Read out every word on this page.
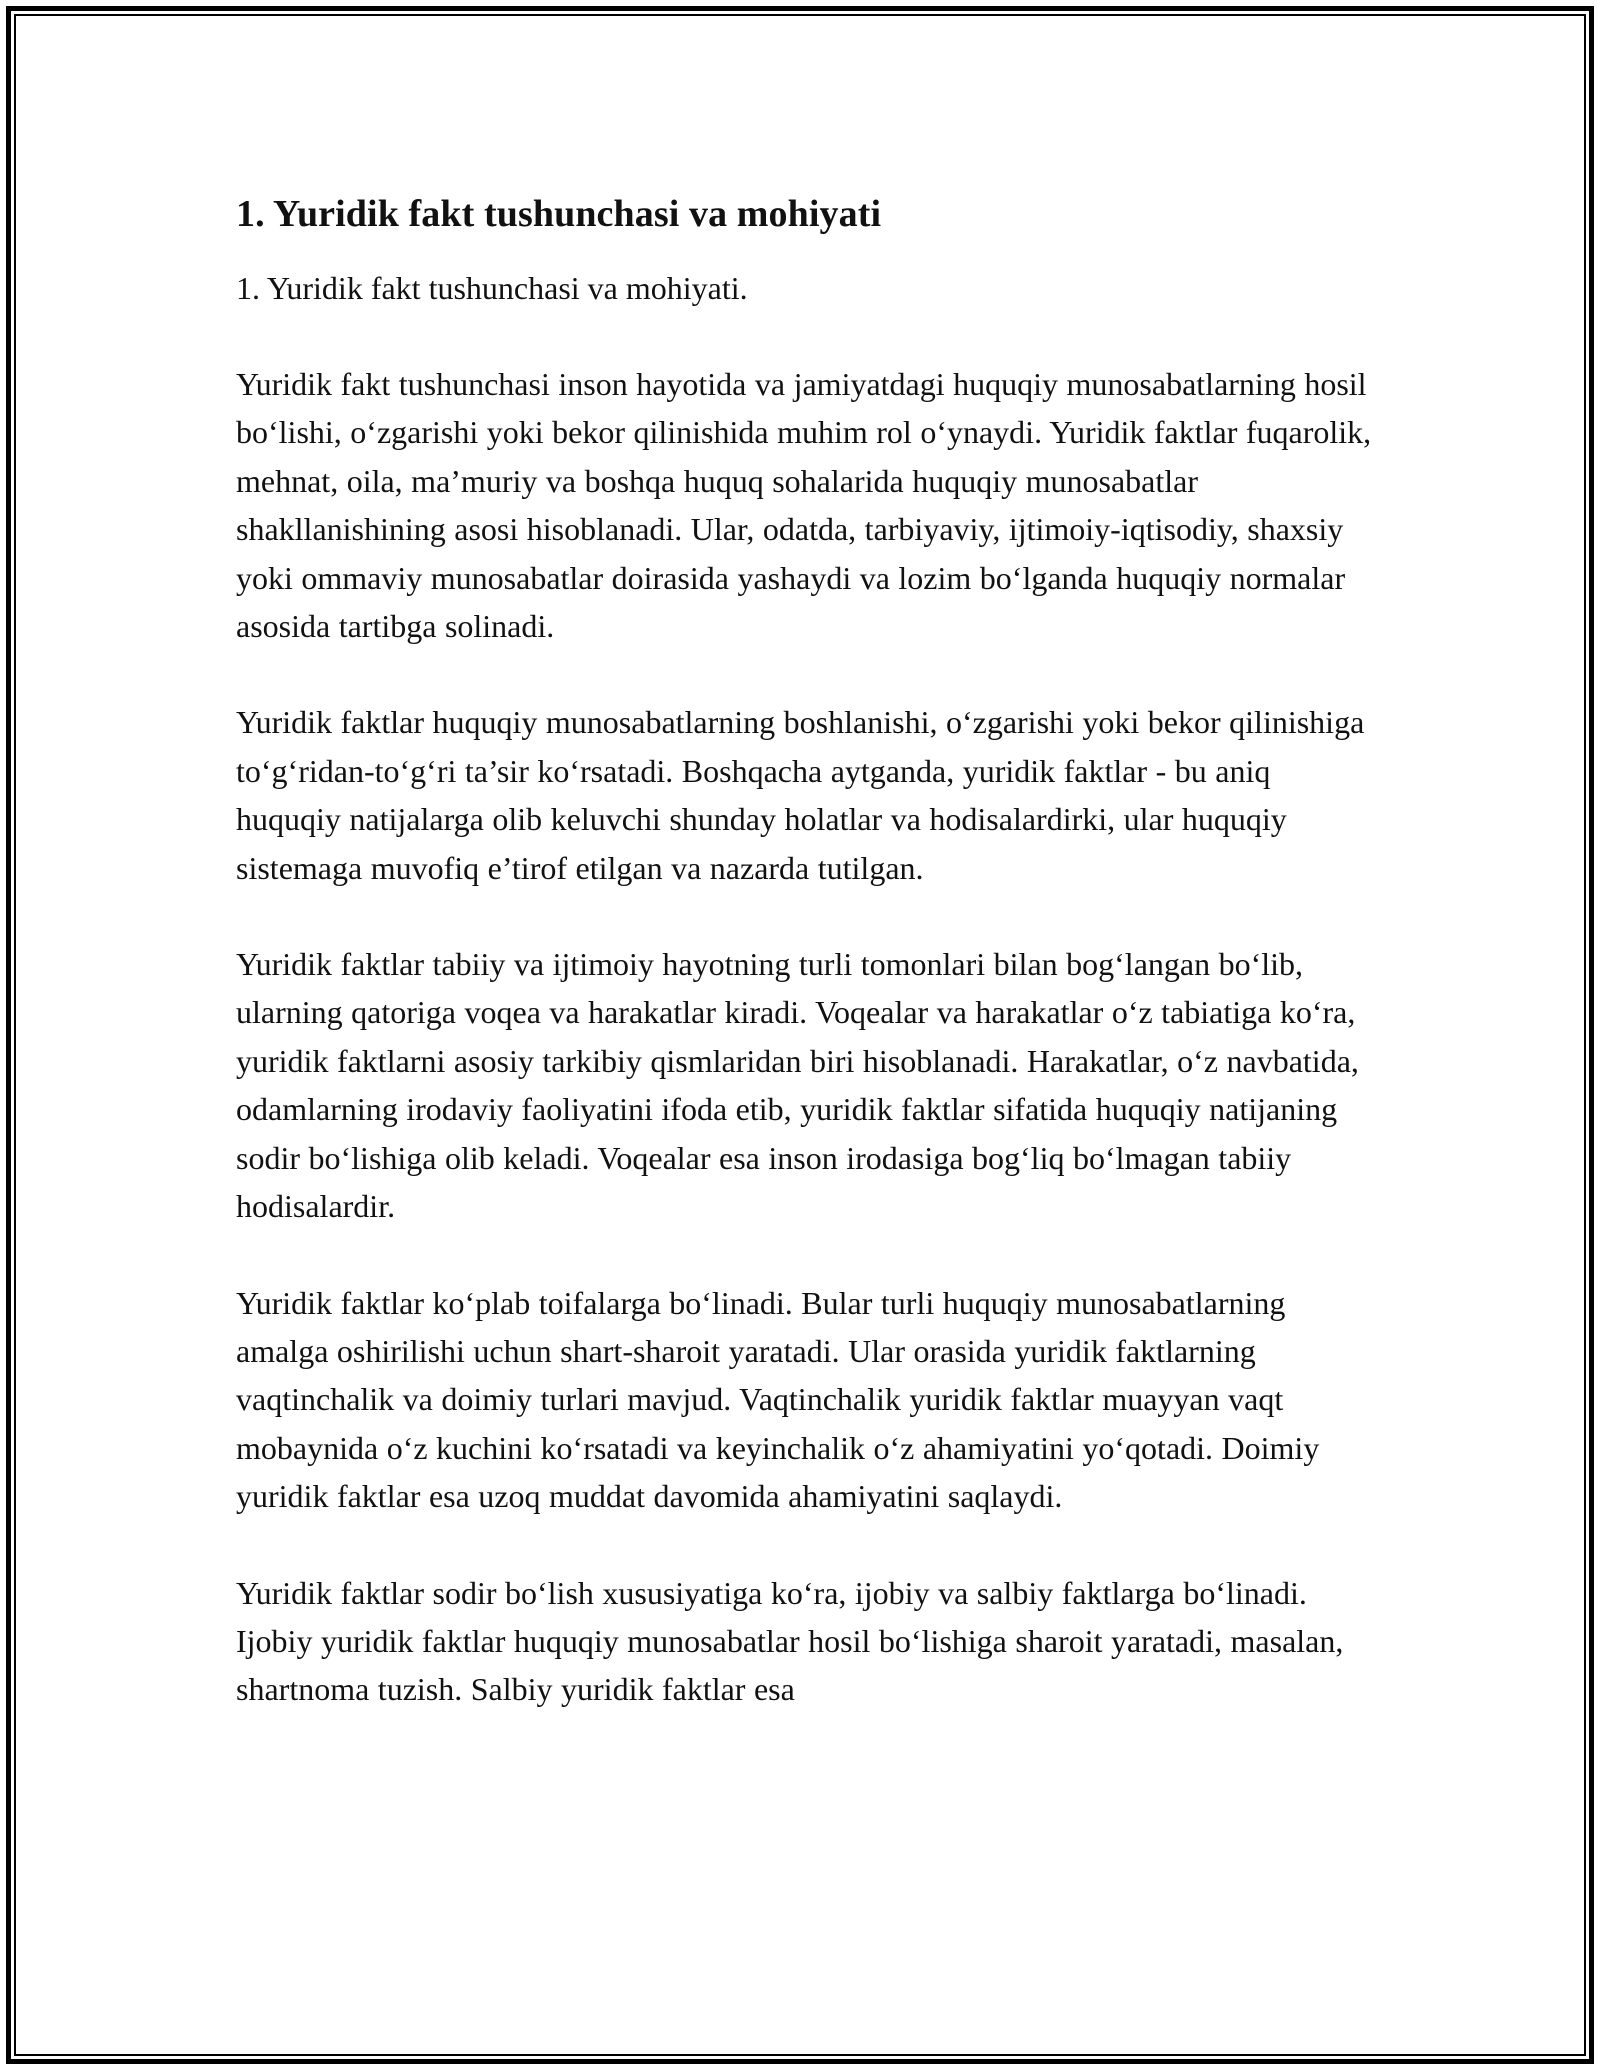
1. Yuridik fakt tushunchasi va mohiyati

1. Yuridik fakt tushunchasi va mohiyati.

Yuridik fakt tushunchasi inson hayotida va jamiyatdagi huquqiy munosabatlarning hosil bo‘lishi, o‘zgarishi yoki bekor qilinishida muhim rol o‘ynaydi. Yuridik faktlar fuqarolik, mehnat, oila, ma’muriy va boshqa huquq sohalarida huquqiy munosabatlar shakllanishining asosi hisoblanadi. Ular, odatda, tarbiyaviy, ijtimoiy-iqtisodiy, shaxsiy yoki ommaviy munosabatlar doirasida yashaydi va lozim bo‘lganda huquqiy normalar asosida tartibga solinadi.

Yuridik faktlar huquqiy munosabatlarning boshlanishi, o‘zgarishi yoki bekor qilinishiga to‘g‘ridan-to‘g‘ri ta’sir ko‘rsatadi. Boshqacha aytganda, yuridik faktlar - bu aniq huquqiy natijalarga olib keluvchi shunday holatlar va hodisalardirki, ular huquqiy sistemaga muvofiq e’tirof etilgan va nazarda tutilgan.

Yuridik faktlar tabiiy va ijtimoiy hayotning turli tomonlari bilan bog‘langan bo‘lib, ularning qatoriga voqea va harakatlar kiradi. Voqealar va harakatlar o‘z tabiatiga ko‘ra, yuridik faktlarni asosiy tarkibiy qismlaridan biri hisoblanadi. Harakatlar, o‘z navbatida, odamlarning irodaviy faoliyatini ifoda etib, yuridik faktlar sifatida huquqiy natijaning sodir bo‘lishiga olib keladi. Voqealar esa inson irodasiga bog‘liq bo‘lmagan tabiiy hodisalardir.

Yuridik faktlar ko‘plab toifalarga bo‘linadi. Bular turli huquqiy munosabatlarning amalga oshirilishi uchun shart-sharoit yaratadi. Ular orasida yuridik faktlarning vaqtinchalik va doimiy turlari mavjud. Vaqtinchalik yuridik faktlar muayyan vaqt mobaynida o‘z kuchini ko‘rsatadi va keyinchalik o‘z ahamiyatini yo‘qotadi. Doimiy yuridik faktlar esa uzoq muddat davomida ahamiyatini saqlaydi.

Yuridik faktlar sodir bo‘lish xususiyatiga ko‘ra, ijobiy va salbiy faktlarga bo‘linadi. Ijobiy yuridik faktlar huquqiy munosabatlar hosil bo‘lishiga sharoit yaratadi, masalan, shartnoma tuzish. Salbiy yuridik faktlar esa
